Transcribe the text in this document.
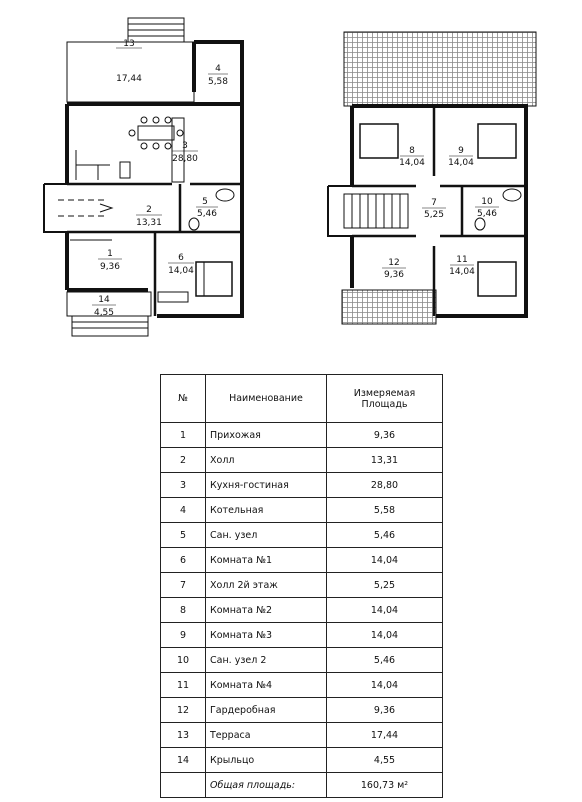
13
17,44
4
5,58
3
28,80
2
13,31
5
5,46
1
9,36
6
14,04
14
4,55
8
14,04
9
14,04
7
5,25
10
5,46
12
9,36
11
14,04
№	Наименование	Измеряемая Площадь
1	Прихожая	9,36
2	Холл	13,31
3	Кухня-гостиная	28,80
4	Котельная	5,58
5	Сан. узел	5,46
6	Комната №1	14,04
7	Холл 2й этаж	5,25
8	Комната №2	14,04
9	Комната №3	14,04
10	Сан. узел 2	5,46
11	Комната №4	14,04
12	Гардеробная	9,36
13	Терраса	17,44
14	Крыльцо	4,55
	Общая площадь:	160,73 м²
